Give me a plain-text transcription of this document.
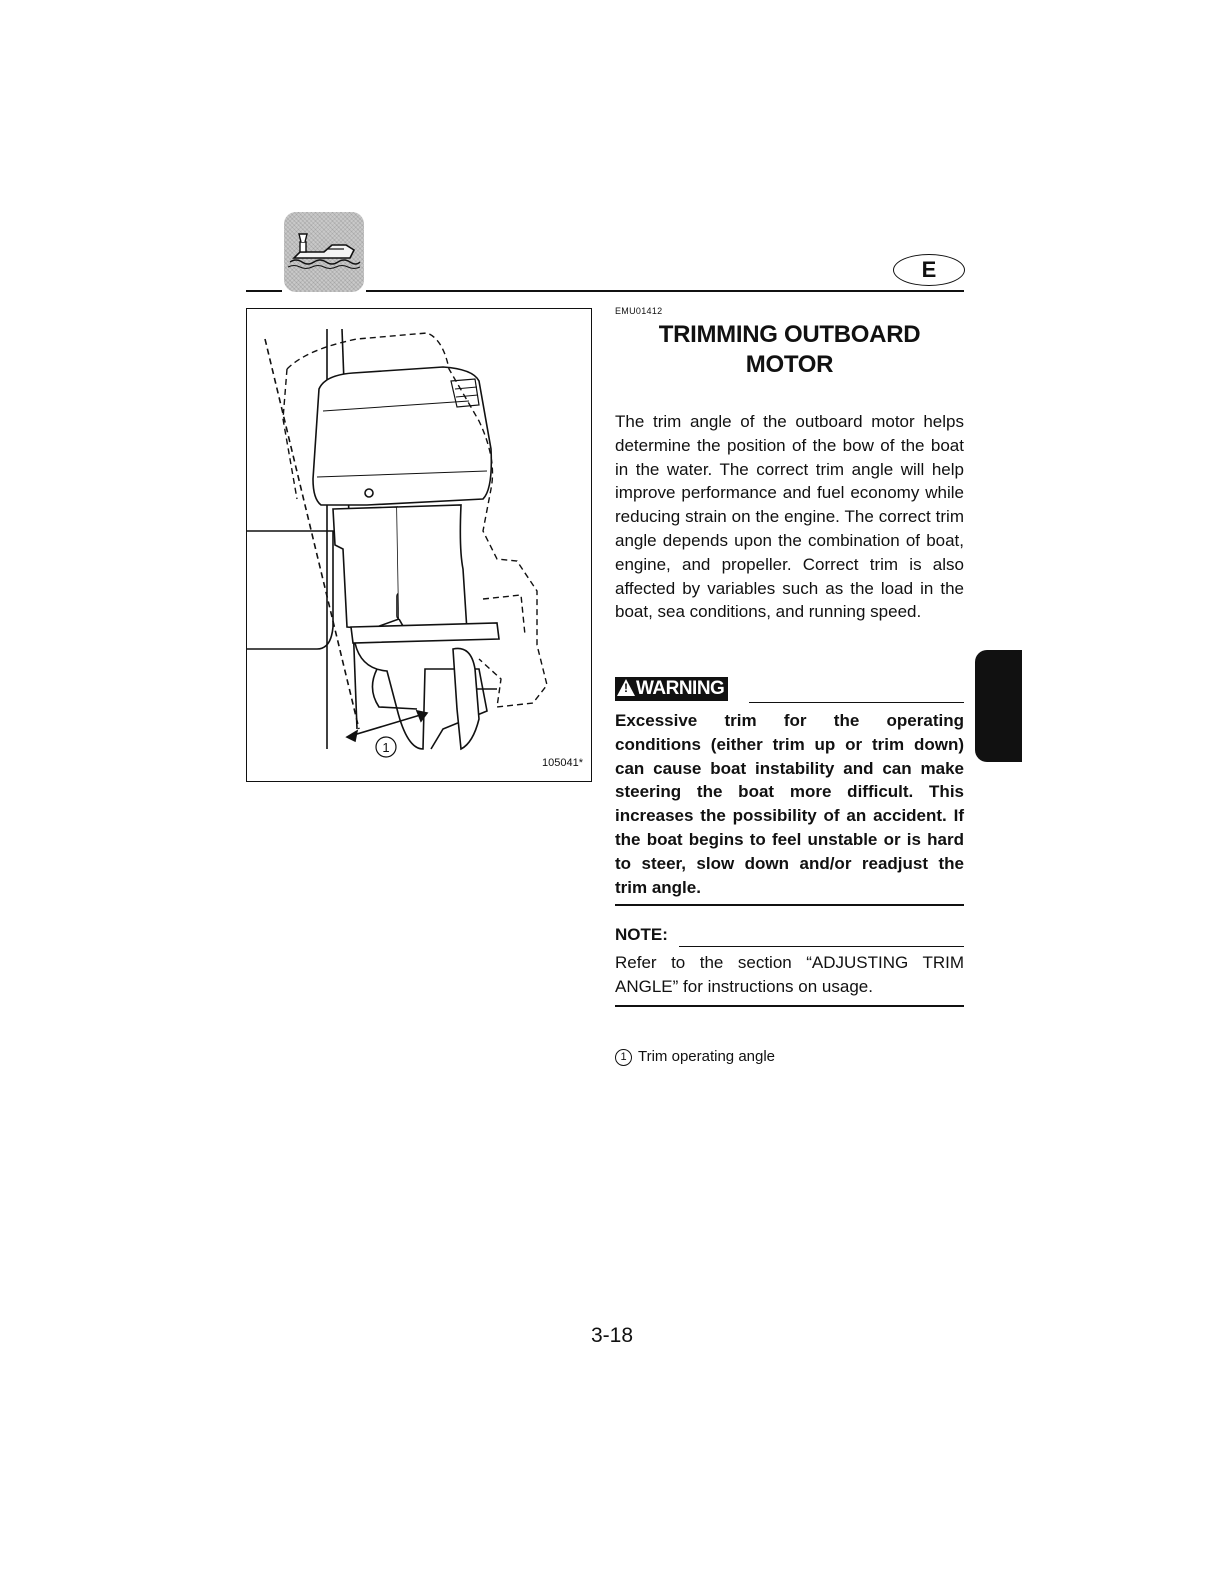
E
1
105041*
EMU01412
TRIMMING OUTBOARD
MOTOR

The trim angle of the outboard motor helps determine the position of the bow of the boat in the water. The correct trim angle will help improve performance and fuel economy while reducing strain on the engine. The correct trim angle depends upon the combination of boat, engine, and propeller. Correct trim is also affected by variables such as the load in the boat, sea conditions, and running speed.

!WARNING

Excessive trim for the operating conditions (either trim up or trim down) can cause boat instability and can make steering the boat more difficult. This increases the possibility of an accident. If the boat begins to feel unstable or is hard to steer, slow down and/or readjust the trim angle.

NOTE:

Refer to the section “ADJUSTING TRIM ANGLE” for instructions on usage.

1 Trim operating angle
3-18
